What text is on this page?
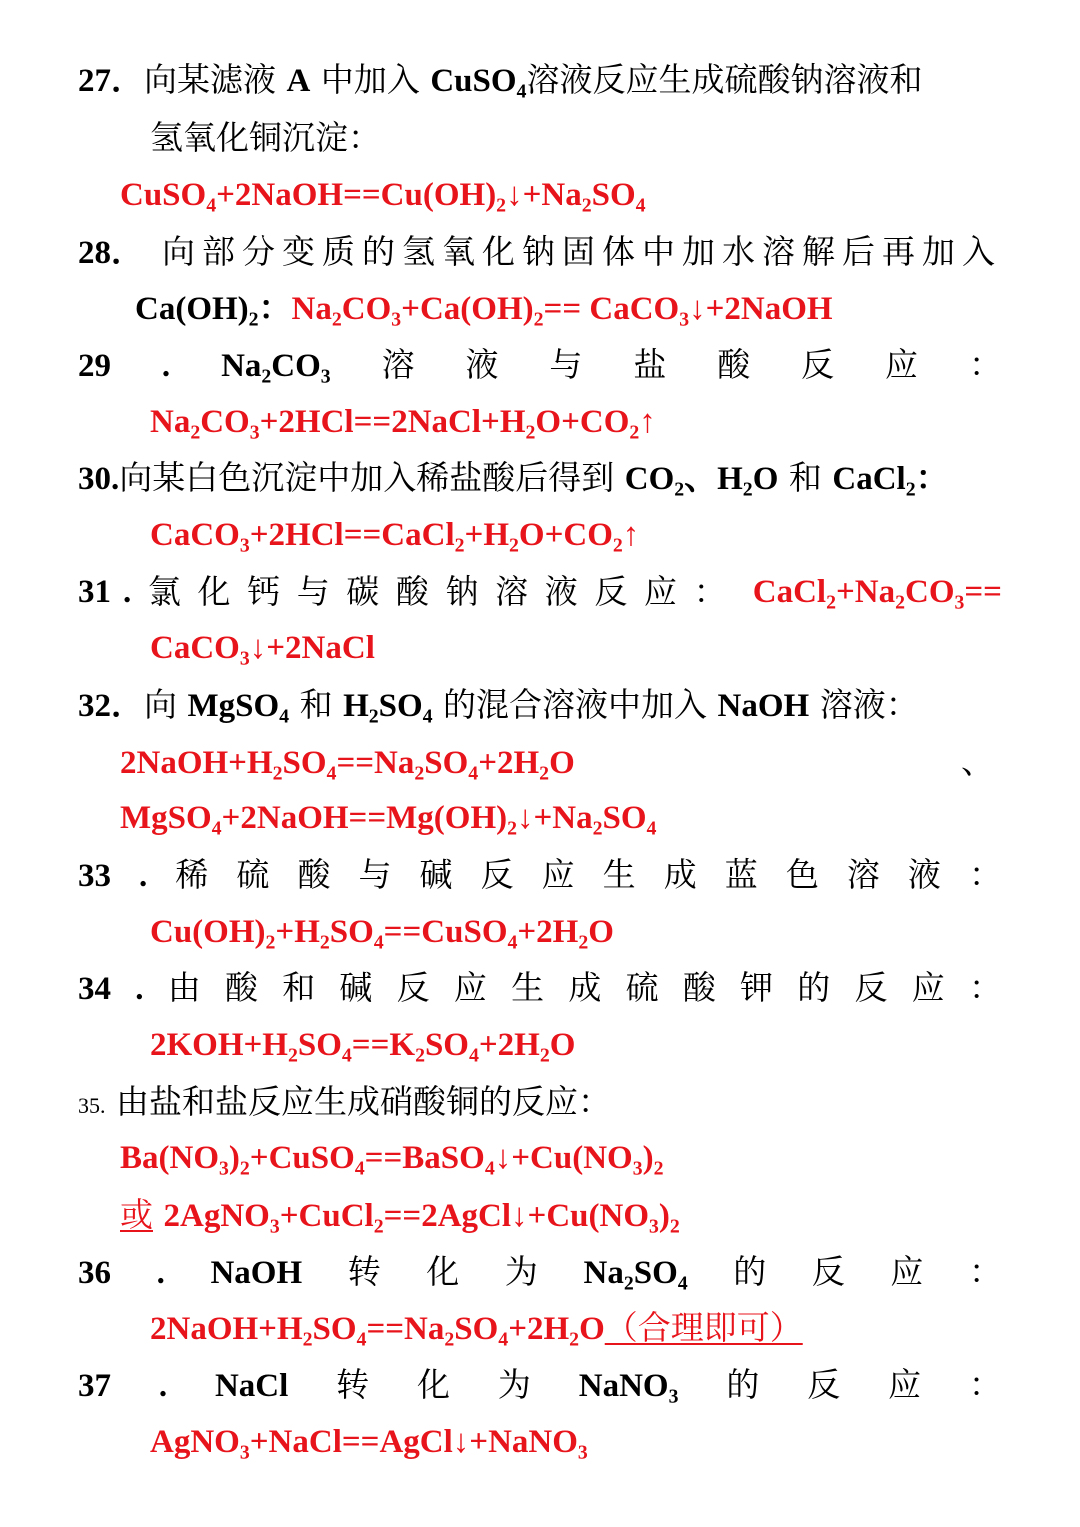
27．向某滤液 A 中加入 CuSO₄溶液反应生成硫酸钠溶液和
氢氧化铜沉淀：
CuSO₄+2NaOH==Cu(OH)₂↓+Na₂SO₄
28． 向部分变质的氢氧化钠固体中加水溶解后再加入
Ca(OH)₂：Na₂CO₃+Ca(OH)₂== CaCO₃↓+2NaOH
29 . Na₂CO₃ 溶 液 与 盐 酸 反 应 ：
Na₂CO₃+2HCl==2NaCl+H₂O+CO₂↑
30.向某白色沉淀中加入稀盐酸后得到 CO₂、H₂O 和 CaCl₂：
CaCO₃+2HCl==CaCl₂+H₂O+CO₂↑
31 . 氯 化 钙 与 碳 酸 钠 溶 液 反 应 ： CaCl₂+Na₂CO₃==
CaCO₃↓+2NaCl
32．向 MgSO₄ 和 H₂SO₄ 的混合溶液中加入 NaOH 溶液：
2NaOH+H₂SO₄==Na₂SO₄+2H₂O	、
MgSO₄+2NaOH==Mg(OH)₂↓+Na₂SO₄
33 . 稀 硫 酸 与 碱 反 应 生 成 蓝 色 溶 液 ：
Cu(OH)₂+H₂SO₄==CuSO₄+2H₂O
34 . 由 酸 和 碱 反 应 生 成 硫 酸 钾 的 反 应 ：
2KOH+H₂SO₄==K₂SO₄+2H₂O
35. 由盐和盐反应生成硝酸铜的反应：
Ba(NO₃)₂+CuSO₄==BaSO₄↓+Cu(NO₃)₂
或 2AgNO₃+CuCl₂==2AgCl↓+Cu(NO₃)₂
36 . NaOH 转 化 为 Na₂SO₄ 的 反 应 ：
2NaOH+H₂SO₄==Na₂SO₄+2H₂O（合理即可）
37 . NaCl 转 化 为 NaNO₃ 的 反 应 ：
AgNO₃+NaCl==AgCl↓+NaNO₃
